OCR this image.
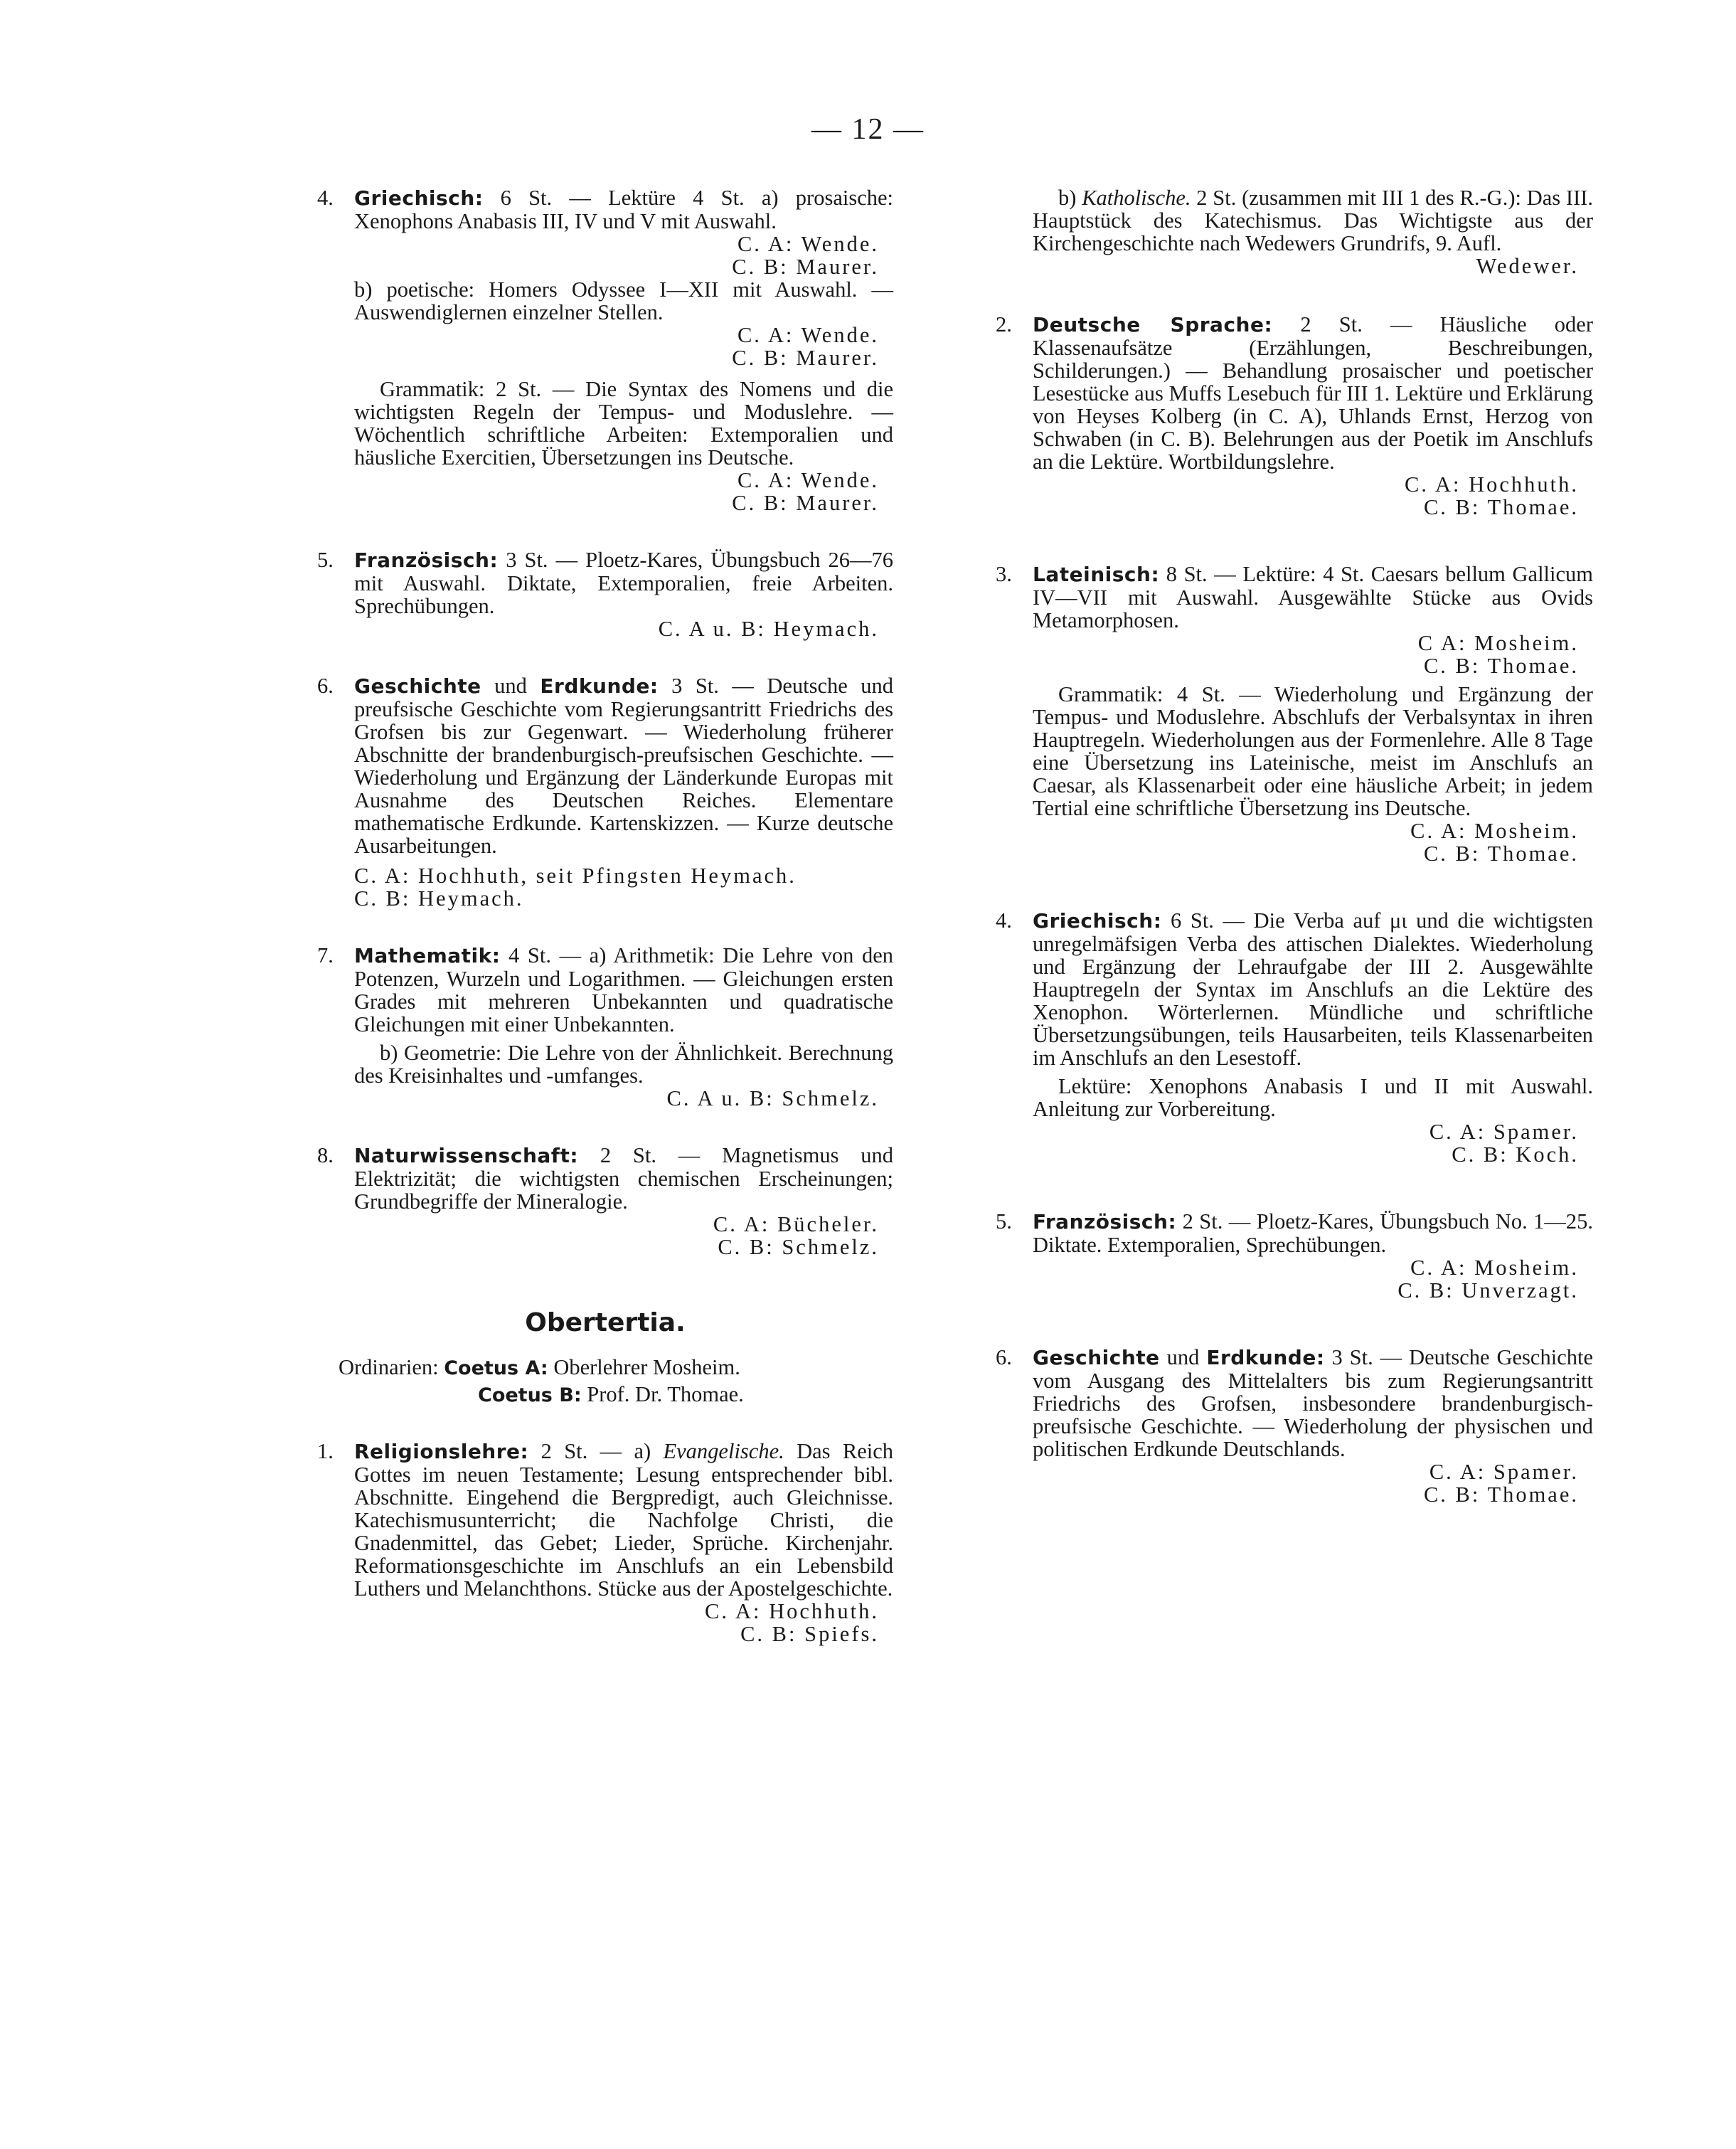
— 12 —

4. Griechisch: 6 St. — Lektüre 4 St. a) prosaische: Xenophons Anabasis III, IV und V mit Auswahl.

C. A: Wende.

C. B: Maurer.

b) poetische: Homers Odyssee I—XII mit Auswahl. — Auswendiglernen einzelner Stellen.

C. A: Wende.

C. B: Maurer.

Grammatik: 2 St. — Die Syntax des Nomens und die wichtigsten Regeln der Tempus- und Moduslehre. — Wöchentlich schriftliche Arbeiten: Extemporalien und häusliche Exercitien, Übersetzungen ins Deutsche.

C. A: Wende.

C. B: Maurer.

5. Französisch: 3 St. — Ploetz-Kares, Übungsbuch 26—76 mit Auswahl. Diktate, Extemporalien, freie Arbeiten. Sprechübungen.

C. A u. B: Heymach.

6. Geschichte und Erdkunde: 3 St. — Deutsche und preufsische Geschichte vom Regierungsantritt Friedrichs des Grofsen bis zur Gegenwart. — Wiederholung früherer Abschnitte der brandenburgisch-preufsischen Geschichte. — Wiederholung und Ergänzung der Länderkunde Europas mit Ausnahme des Deutschen Reiches. Elementare mathematische Erdkunde. Kartenskizzen. — Kurze deutsche Ausarbeitungen.

C. A: Hochhuth, seit Pfingsten Heymach.

C. B: Heymach.

7. Mathematik: 4 St. — a) Arithmetik: Die Lehre von den Potenzen, Wurzeln und Logarithmen. — Gleichungen ersten Grades mit mehreren Unbekannten und quadratische Gleichungen mit einer Unbekannten.

b) Geometrie: Die Lehre von der Ähnlichkeit. Berechnung des Kreisinhaltes und -umfanges.

C. A u. B: Schmelz.

8. Naturwissenschaft: 2 St. — Magnetismus und Elektrizität; die wichtigsten chemischen Erscheinungen; Grundbegriffe der Mineralogie.

C. A: Bücheler.

C. B: Schmelz.

Obertertia.

Ordinarien: Coetus A: Oberlehrer Mosheim.

Coetus B: Prof. Dr. Thomae.

1. Religionslehre: 2 St. — a) Evangelische. Das Reich Gottes im neuen Testamente; Lesung entsprechender bibl. Abschnitte. Eingehend die Bergpredigt, auch Gleichnisse. Katechismusunterricht; die Nachfolge Christi, die Gnadenmittel, das Gebet; Lieder, Sprüche. Kirchenjahr. Reformationsgeschichte im Anschlufs an ein Lebensbild Luthers und Melanchthons. Stücke aus der Apostelgeschichte.

C. A: Hochhuth.

C. B: Spiefs.

b) Katholische. 2 St. (zusammen mit III 1 des R.-G.): Das III. Hauptstück des Katechismus. Das Wichtigste aus der Kirchengeschichte nach Wedewers Grundrifs, 9. Aufl.

Wedewer.

2. Deutsche Sprache: 2 St. — Häusliche oder Klassenaufsätze (Erzählungen, Beschreibungen, Schilderungen.) — Behandlung prosaischer und poetischer Lesestücke aus Muffs Lesebuch für III 1. Lektüre und Erklärung von Heyses Kolberg (in C. A), Uhlands Ernst, Herzog von Schwaben (in C. B). Belehrungen aus der Poetik im Anschlufs an die Lektüre. Wortbildungslehre.

C. A: Hochhuth.

C. B: Thomae.

3. Lateinisch: 8 St. — Lektüre: 4 St. Caesars bellum Gallicum IV—VII mit Auswahl. Ausgewählte Stücke aus Ovids Metamorphosen.

C A: Mosheim.

C. B: Thomae.

Grammatik: 4 St. — Wiederholung und Ergänzung der Tempus- und Moduslehre. Abschlufs der Verbalsyntax in ihren Hauptregeln. Wiederholungen aus der Formenlehre. Alle 8 Tage eine Übersetzung ins Lateinische, meist im Anschlufs an Caesar, als Klassenarbeit oder eine häusliche Arbeit; in jedem Tertial eine schriftliche Übersetzung ins Deutsche.

C. A: Mosheim.

C. B: Thomae.

4. Griechisch: 6 St. — Die Verba auf μι und die wichtigsten unregelmäfsigen Verba des attischen Dialektes. Wiederholung und Ergänzung der Lehraufgabe der III 2. Ausgewählte Hauptregeln der Syntax im Anschlufs an die Lektüre des Xenophon. Wörterlernen. Mündliche und schriftliche Übersetzungsübungen, teils Hausarbeiten, teils Klassenarbeiten im Anschlufs an den Lesestoff.

Lektüre: Xenophons Anabasis I und II mit Auswahl. Anleitung zur Vorbereitung.

C. A: Spamer.

C. B: Koch.

5. Französisch: 2 St. — Ploetz-Kares, Übungsbuch No. 1—25. Diktate. Extemporalien, Sprechübungen.

C. A: Mosheim.

C. B: Unverzagt.

6. Geschichte und Erdkunde: 3 St. — Deutsche Geschichte vom Ausgang des Mittelalters bis zum Regierungsantritt Friedrichs des Grofsen, insbesondere brandenburgisch-preufsische Geschichte. — Wiederholung der physischen und politischen Erdkunde Deutschlands.

C. A: Spamer.

C. B: Thomae.
